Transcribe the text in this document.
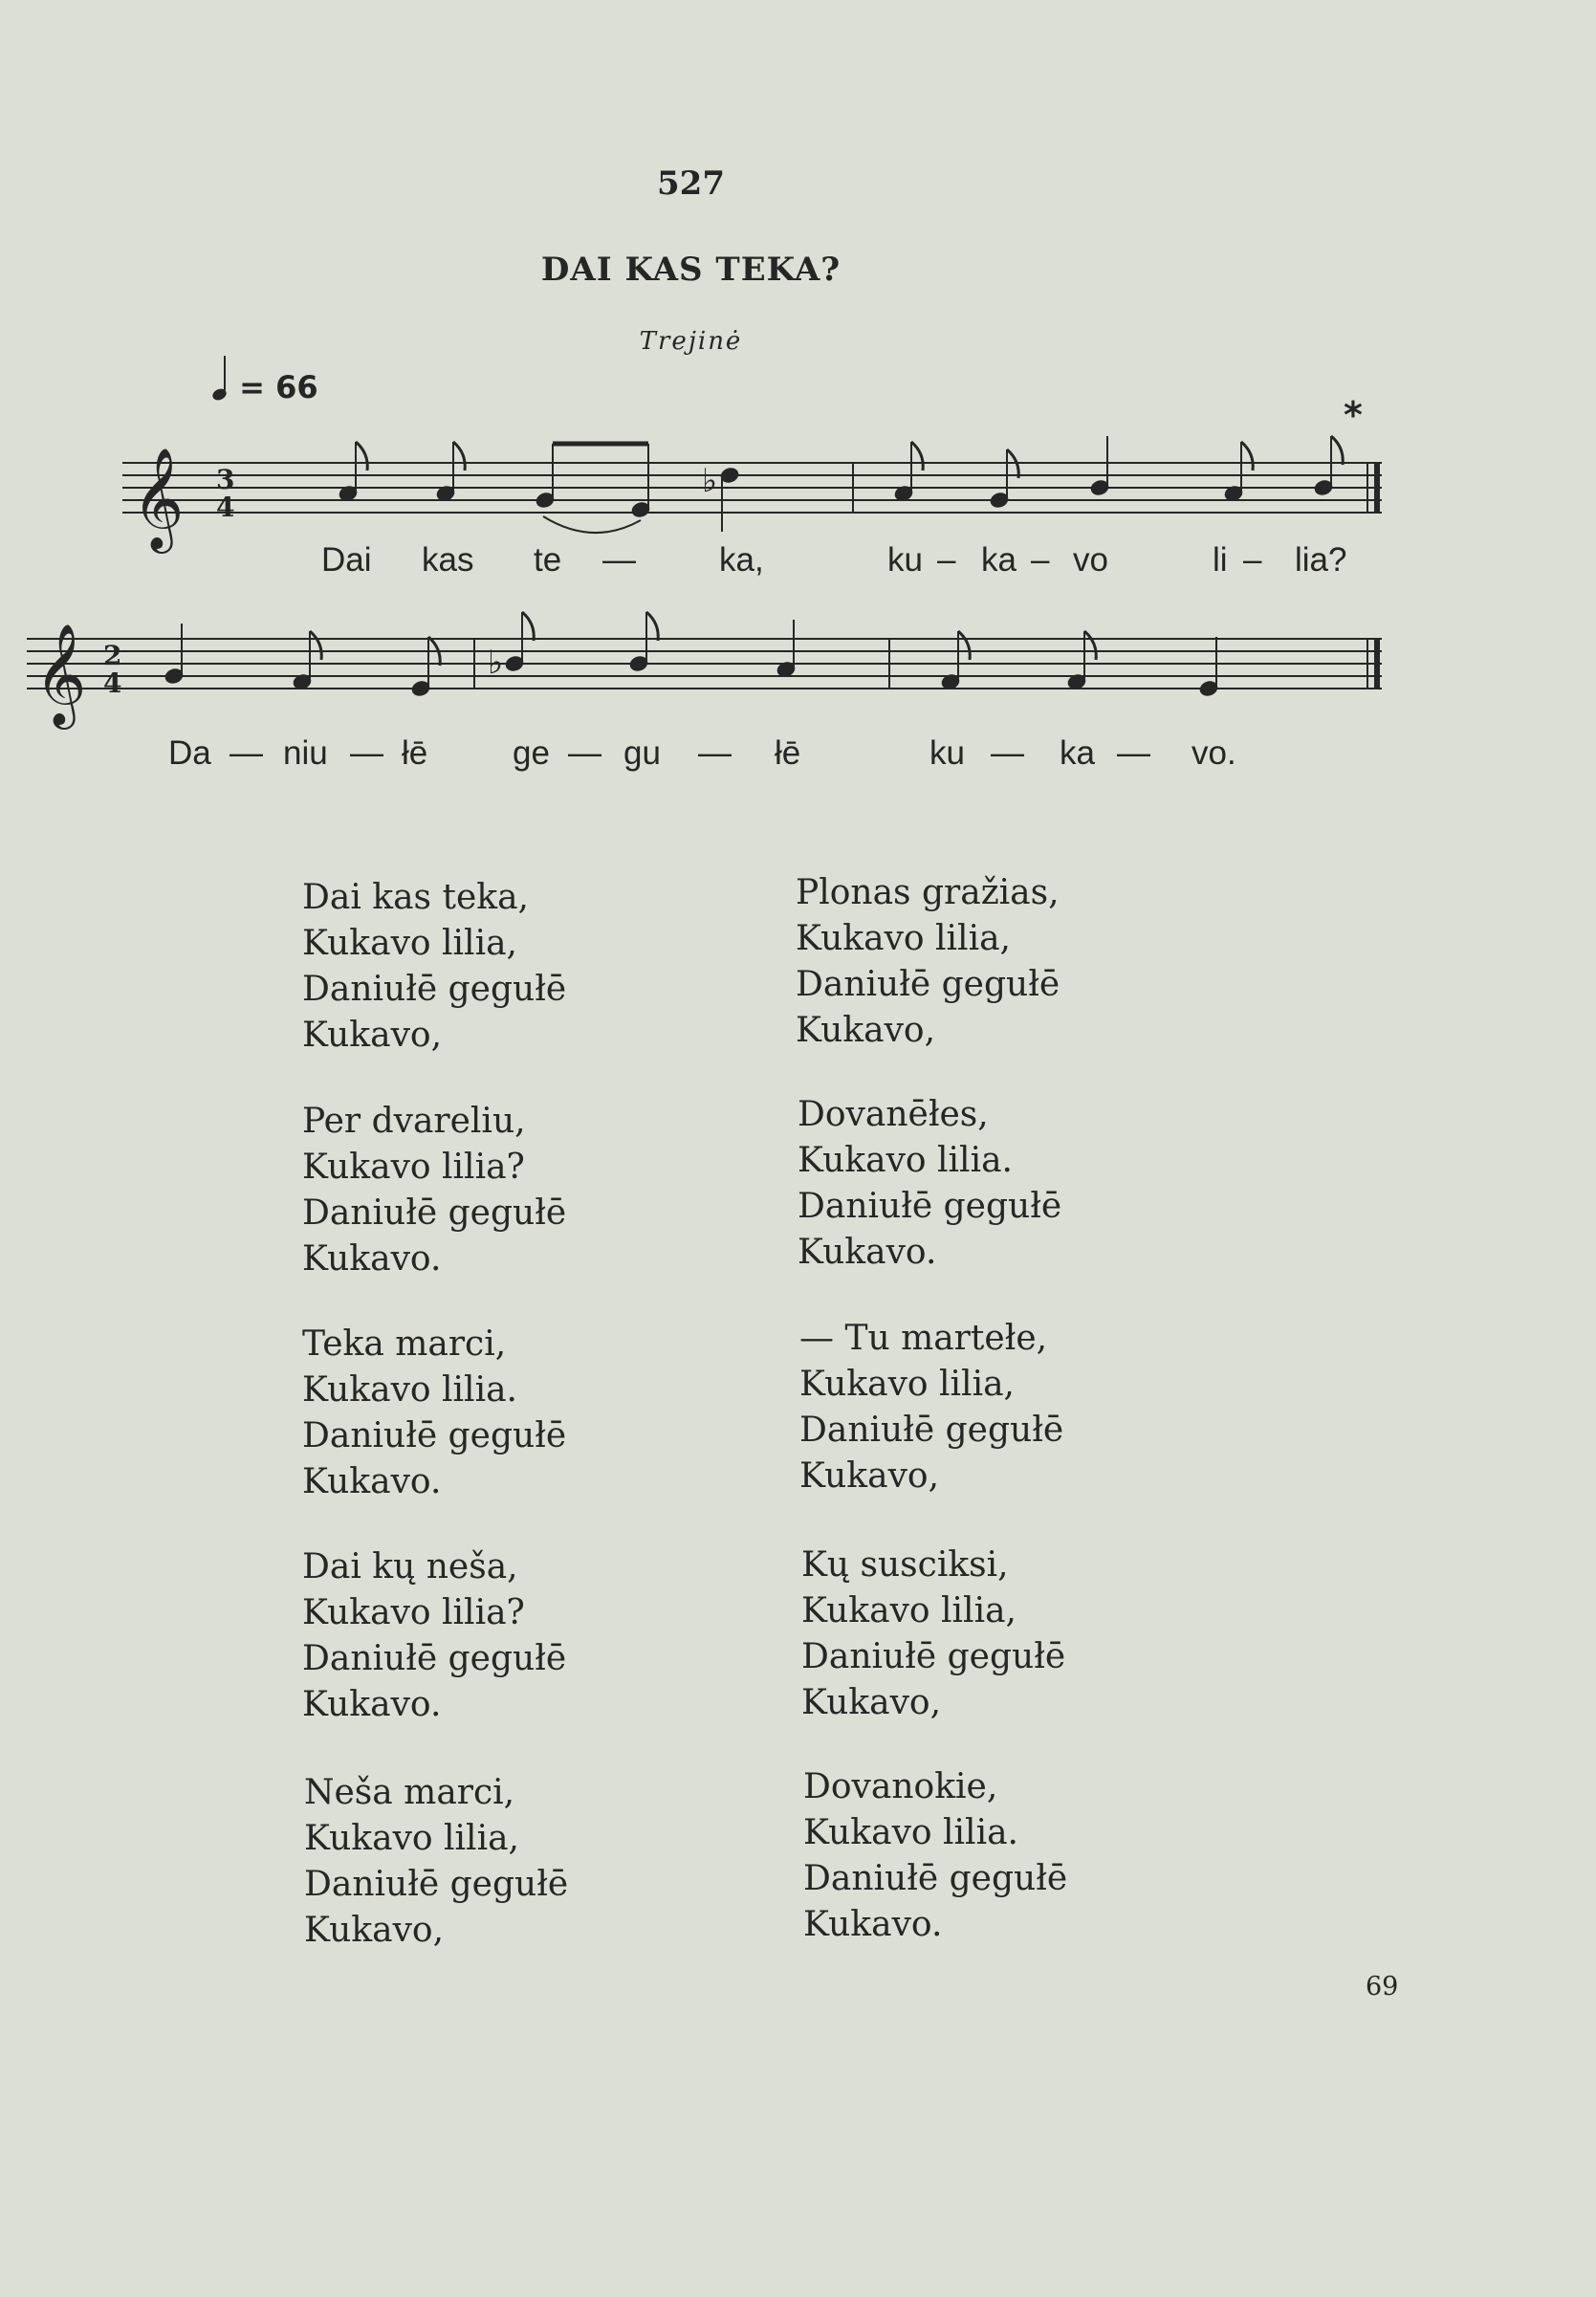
527
DAI KAS TEKA?
Trejinė
= 66
*
𝄞 3
4
♭
𝄞 2
4
♭
Dai kas te — ka,	ku – ka – vo	li – lia?
Da — niu — łē	ge — gu — łē	ku — ka — vo.
Dai kas teka,
Kukavo lilia,
Daniułē gegułē
Kukavo,
Per dvareliu,
Kukavo lilia?
Daniułē gegułē
Kukavo.
Teka marci,
Kukavo lilia.
Daniułē gegułē
Kukavo.
Dai kų neša,
Kukavo lilia?
Daniułē gegułē
Kukavo.
Neša marci,
Kukavo lilia,
Daniułē gegułē
Kukavo,
Plonas gražias,
Kukavo lilia,
Daniułē gegułē
Kukavo,
Dovanēłes,
Kukavo lilia.
Daniułē gegułē
Kukavo.
— Tu martełe,
Kukavo lilia,
Daniułē gegułē
Kukavo,
Kų susciksi,
Kukavo lilia,
Daniułē gegułē
Kukavo,
Dovanokie,
Kukavo lilia.
Daniułē gegułē
Kukavo.
69
